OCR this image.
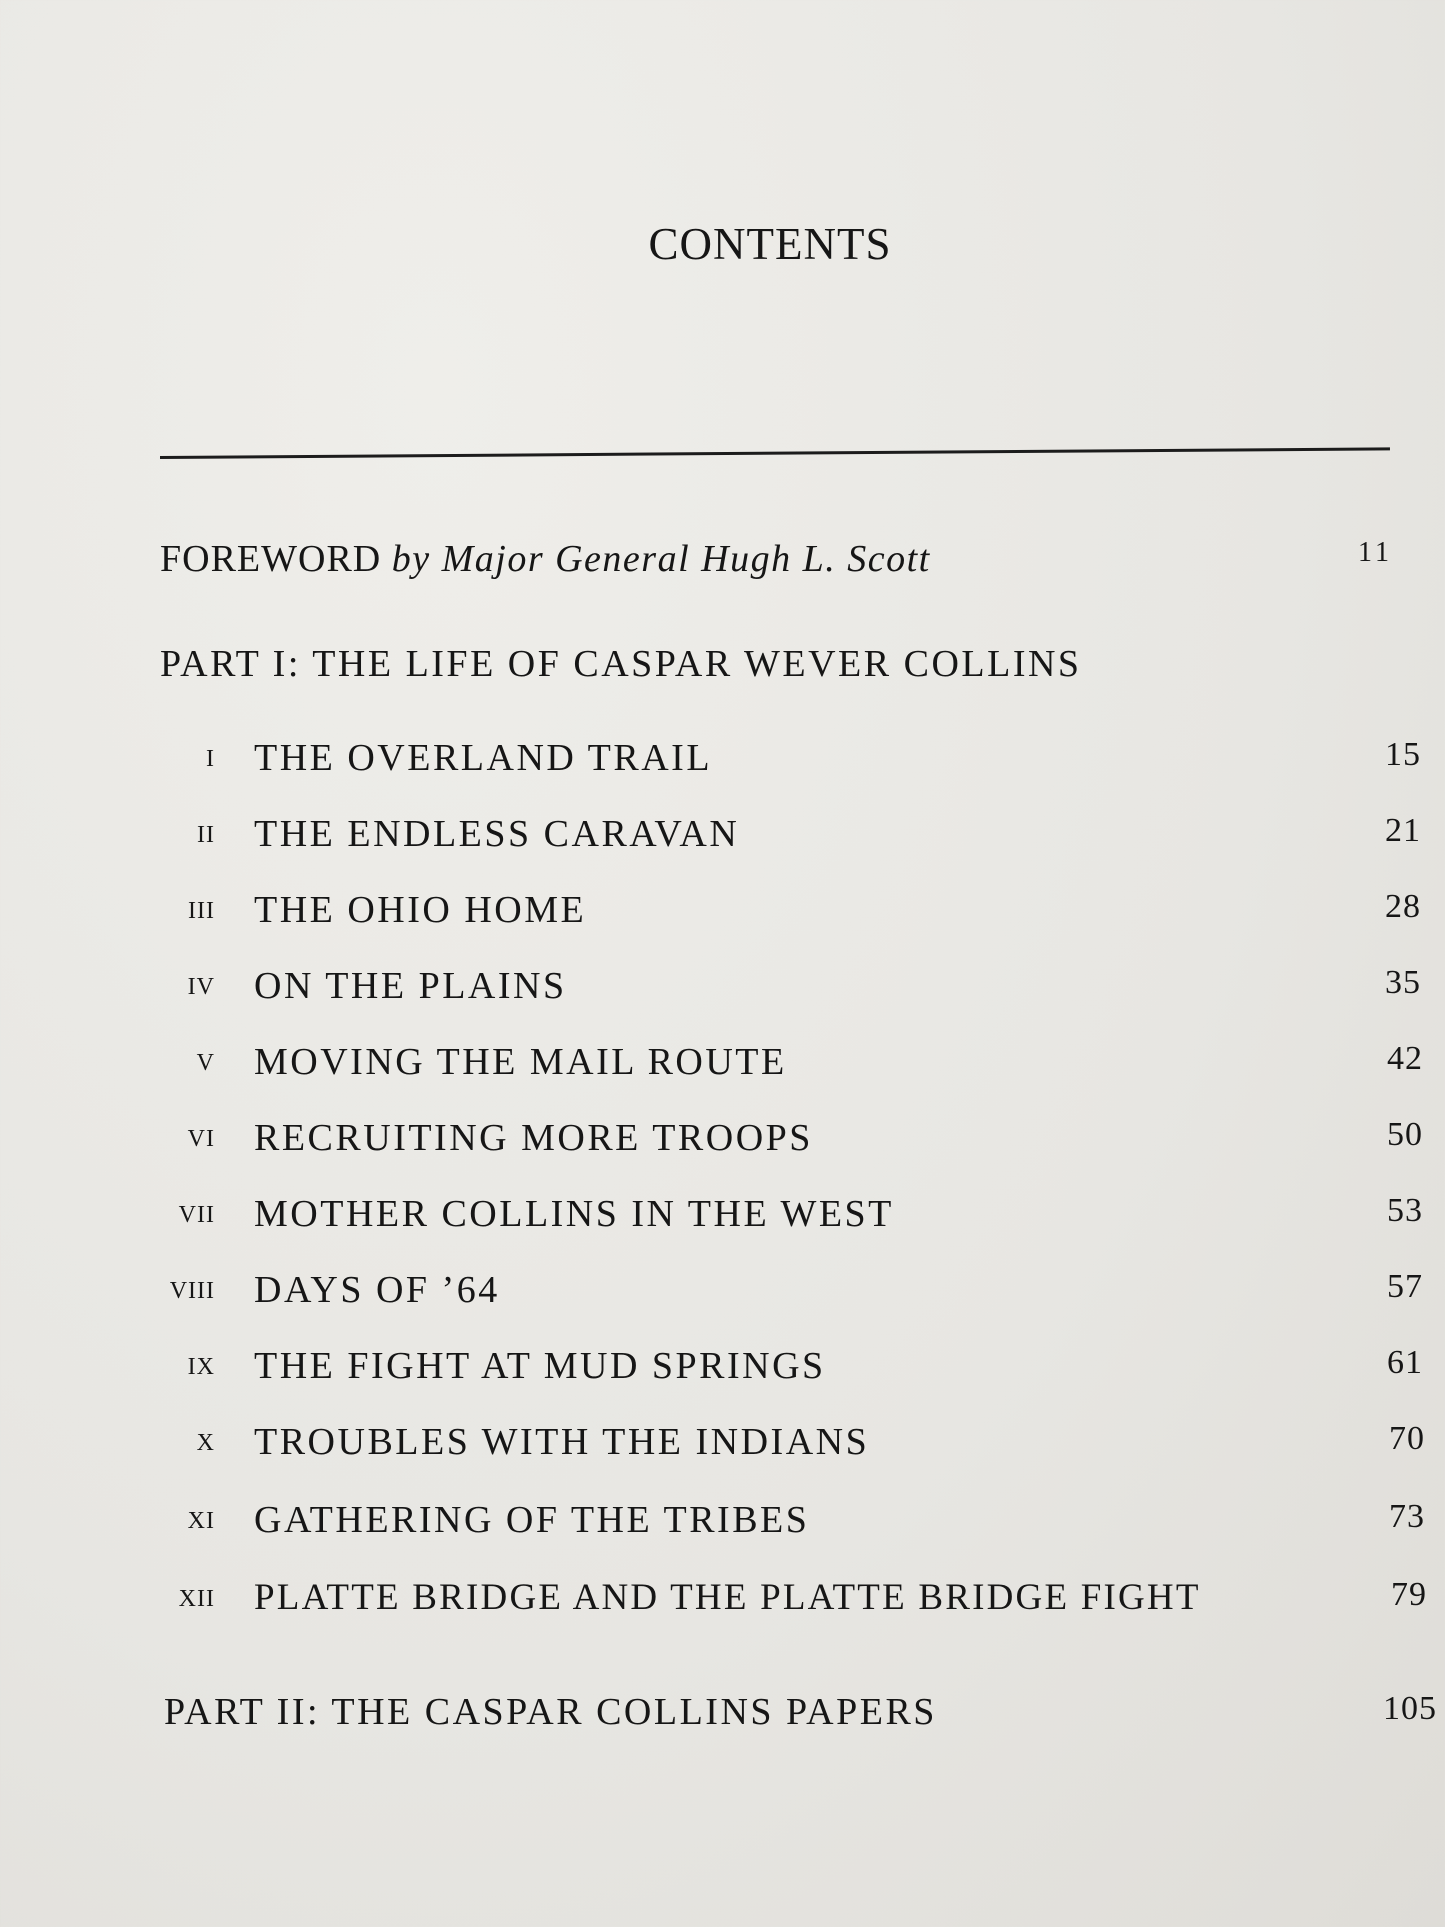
CONTENTS
FOREWORD by Major General Hugh L. Scott	11
PART I: THE LIFE OF CASPAR WEVER COLLINS
I THE OVERLAND TRAIL	15
II THE ENDLESS CARAVAN	21
III THE OHIO HOME	28
IV ON THE PLAINS	35
V MOVING THE MAIL ROUTE	42
VI RECRUITING MORE TROOPS	50
VII MOTHER COLLINS IN THE WEST	53
VIII DAYS OF ’64	57
IX THE FIGHT AT MUD SPRINGS	61
X TROUBLES WITH THE INDIANS	70
XI GATHERING OF THE TRIBES	73
XII PLATTE BRIDGE AND THE PLATTE BRIDGE FIGHT	79
PART II: THE CASPAR COLLINS PAPERS	105
